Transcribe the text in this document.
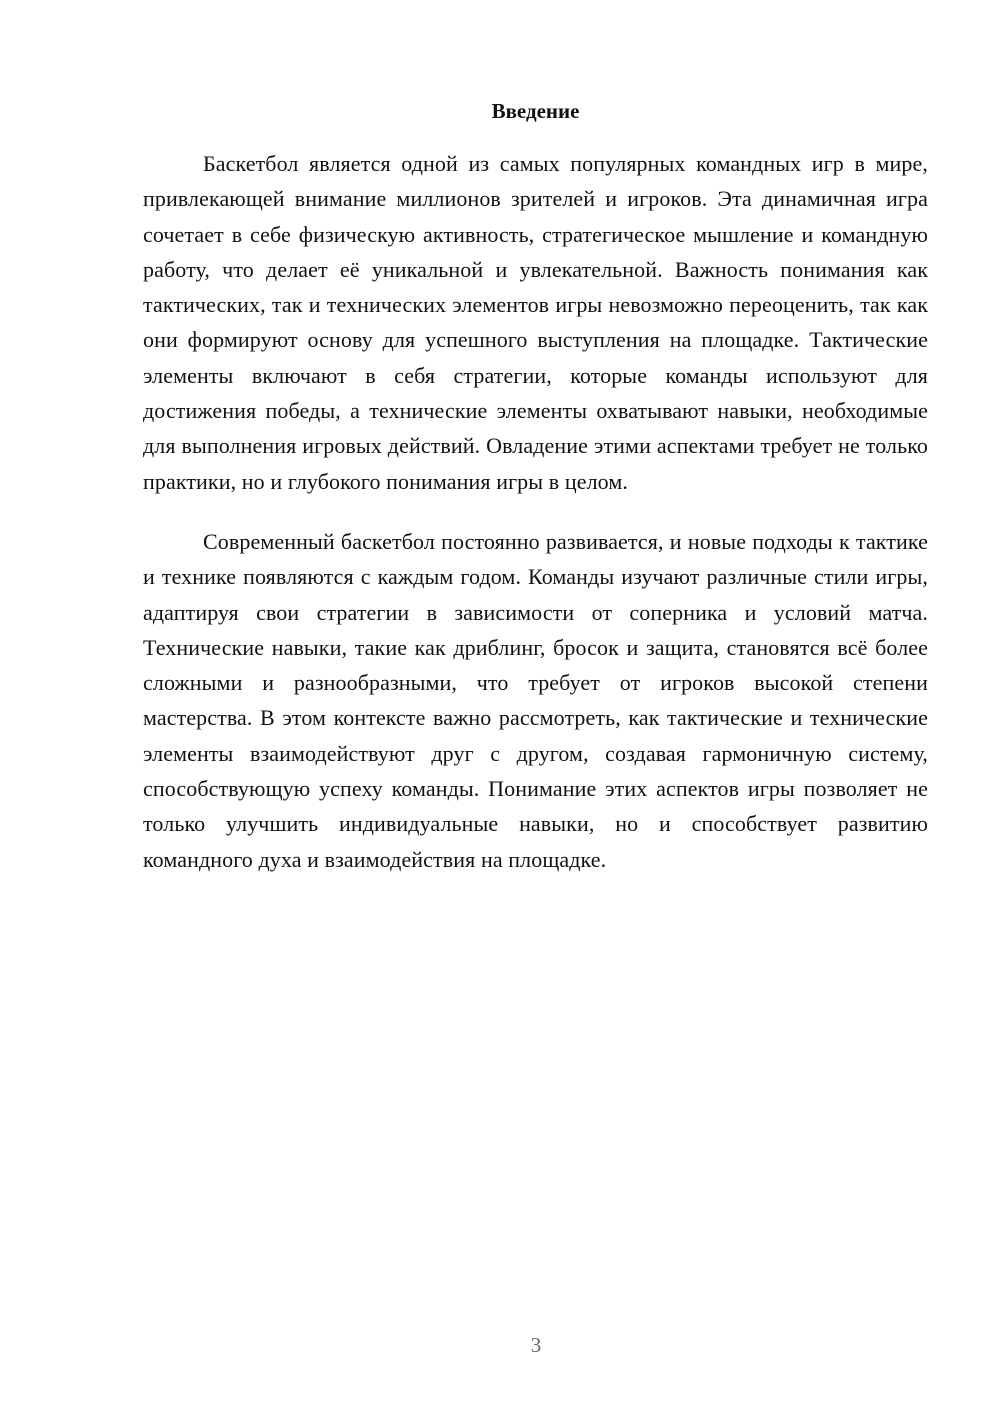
Введение

Баскетбол является одной из самых популярных командных игр в мире, привлекающей внимание миллионов зрителей и игроков. Эта динамичная игра сочетает в себе физическую активность, стратегическое мышление и командную работу, что делает её уникальной и увлекательной. Важность понимания как тактических, так и технических элементов игры невозможно переоценить, так как они формируют основу для успешного выступления на площадке. Тактические элементы включают в себя стратегии, которые команды используют для достижения победы, а технические элементы охватывают навыки, необходимые для выполнения игровых действий. Овладение этими аспектами требует не только практики, но и глубокого понимания игры в целом.

Современный баскетбол постоянно развивается, и новые подходы к тактике и технике появляются с каждым годом. Команды изучают различные стили игры, адаптируя свои стратегии в зависимости от соперника и условий матча. Технические навыки, такие как дриблинг, бросок и защита, становятся всё более сложными и разнообразными, что требует от игроков высокой степени мастерства. В этом контексте важно рассмотреть, как тактические и технические элементы взаимодействуют друг с другом, создавая гармоничную систему, способствующую успеху команды. Понимание этих аспектов игры позволяет не только улучшить индивидуальные навыки, но и способствует развитию командного духа и взаимодействия на площадке.

3
